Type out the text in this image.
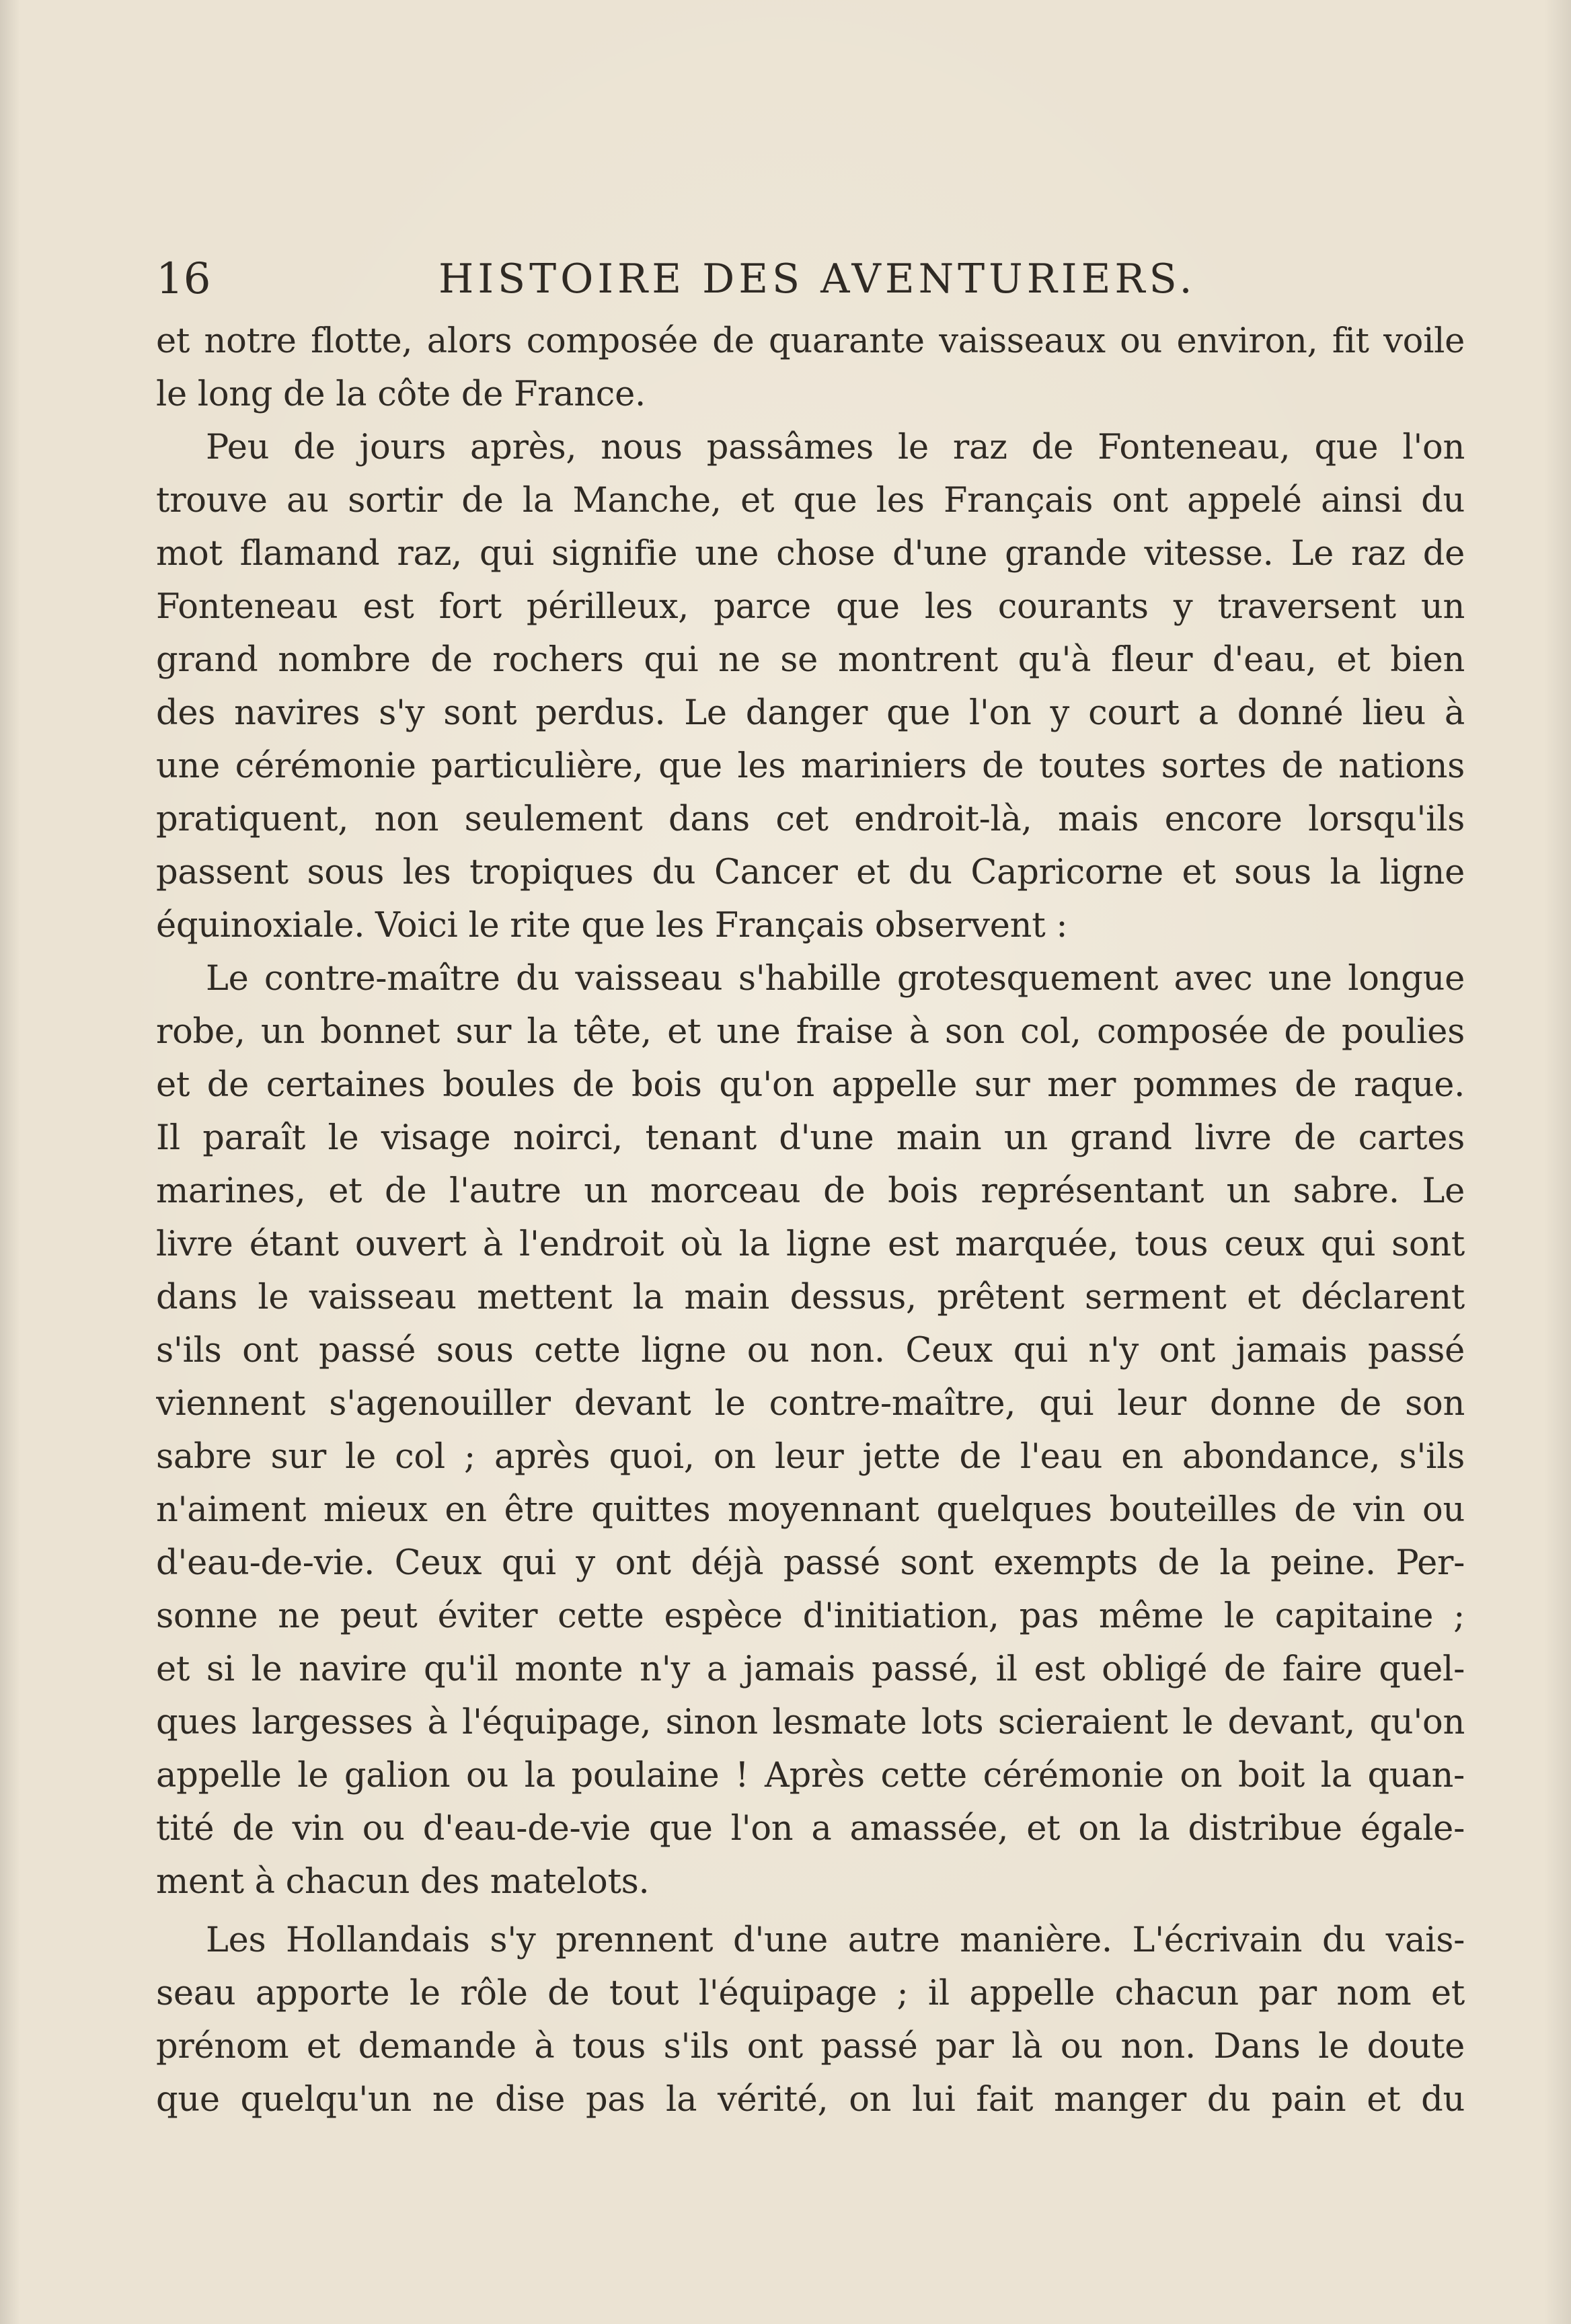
16	HISTOIRE DES AVENTURIERS.
et notre flotte, alors composée de quarante vaisseaux ou environ, fit voile
le long de la côte de France.
Peu de jours après, nous passâmes le raz de Fonteneau, que l'on
trouve au sortir de la Manche, et que les Français ont appelé ainsi du
mot flamand raz, qui signifie une chose d'une grande vitesse. Le raz de
Fonteneau est fort périlleux, parce que les courants y traversent un
grand nombre de rochers qui ne se montrent qu'à fleur d'eau, et bien
des navires s'y sont perdus. Le danger que l'on y court a donné lieu à
une cérémonie particulière, que les mariniers de toutes sortes de nations
pratiquent, non seulement dans cet endroit-là, mais encore lorsqu'ils
passent sous les tropiques du Cancer et du Capricorne et sous la ligne
équinoxiale. Voici le rite que les Français observent :
Le contre-maître du vaisseau s'habille grotesquement avec une longue
robe, un bonnet sur la tête, et une fraise à son col, composée de poulies
et de certaines boules de bois qu'on appelle sur mer pommes de raque.
Il paraît le visage noirci, tenant d'une main un grand livre de cartes
marines, et de l'autre un morceau de bois représentant un sabre. Le
livre étant ouvert à l'endroit où la ligne est marquée, tous ceux qui sont
dans le vaisseau mettent la main dessus, prêtent serment et déclarent
s'ils ont passé sous cette ligne ou non. Ceux qui n'y ont jamais passé
viennent s'agenouiller devant le contre-maître, qui leur donne de son
sabre sur le col ; après quoi, on leur jette de l'eau en abondance, s'ils
n'aiment mieux en être quittes moyennant quelques bouteilles de vin ou
d'eau-de-vie. Ceux qui y ont déjà passé sont exempts de la peine. Per-
sonne ne peut éviter cette espèce d'initiation, pas même le capitaine ;
et si le navire qu'il monte n'y a jamais passé, il est obligé de faire quel-
ques largesses à l'équipage, sinon lesmate lots scieraient le devant, qu'on
appelle le galion ou la poulaine ! Après cette cérémonie on boit la quan-
tité de vin ou d'eau-de-vie que l'on a amassée, et on la distribue égale-
ment à chacun des matelots.
Les Hollandais s'y prennent d'une autre manière. L'écrivain du vais-
seau apporte le rôle de tout l'équipage ; il appelle chacun par nom et
prénom et demande à tous s'ils ont passé par là ou non. Dans le doute
que quelqu'un ne dise pas la vérité, on lui fait manger du pain et du
